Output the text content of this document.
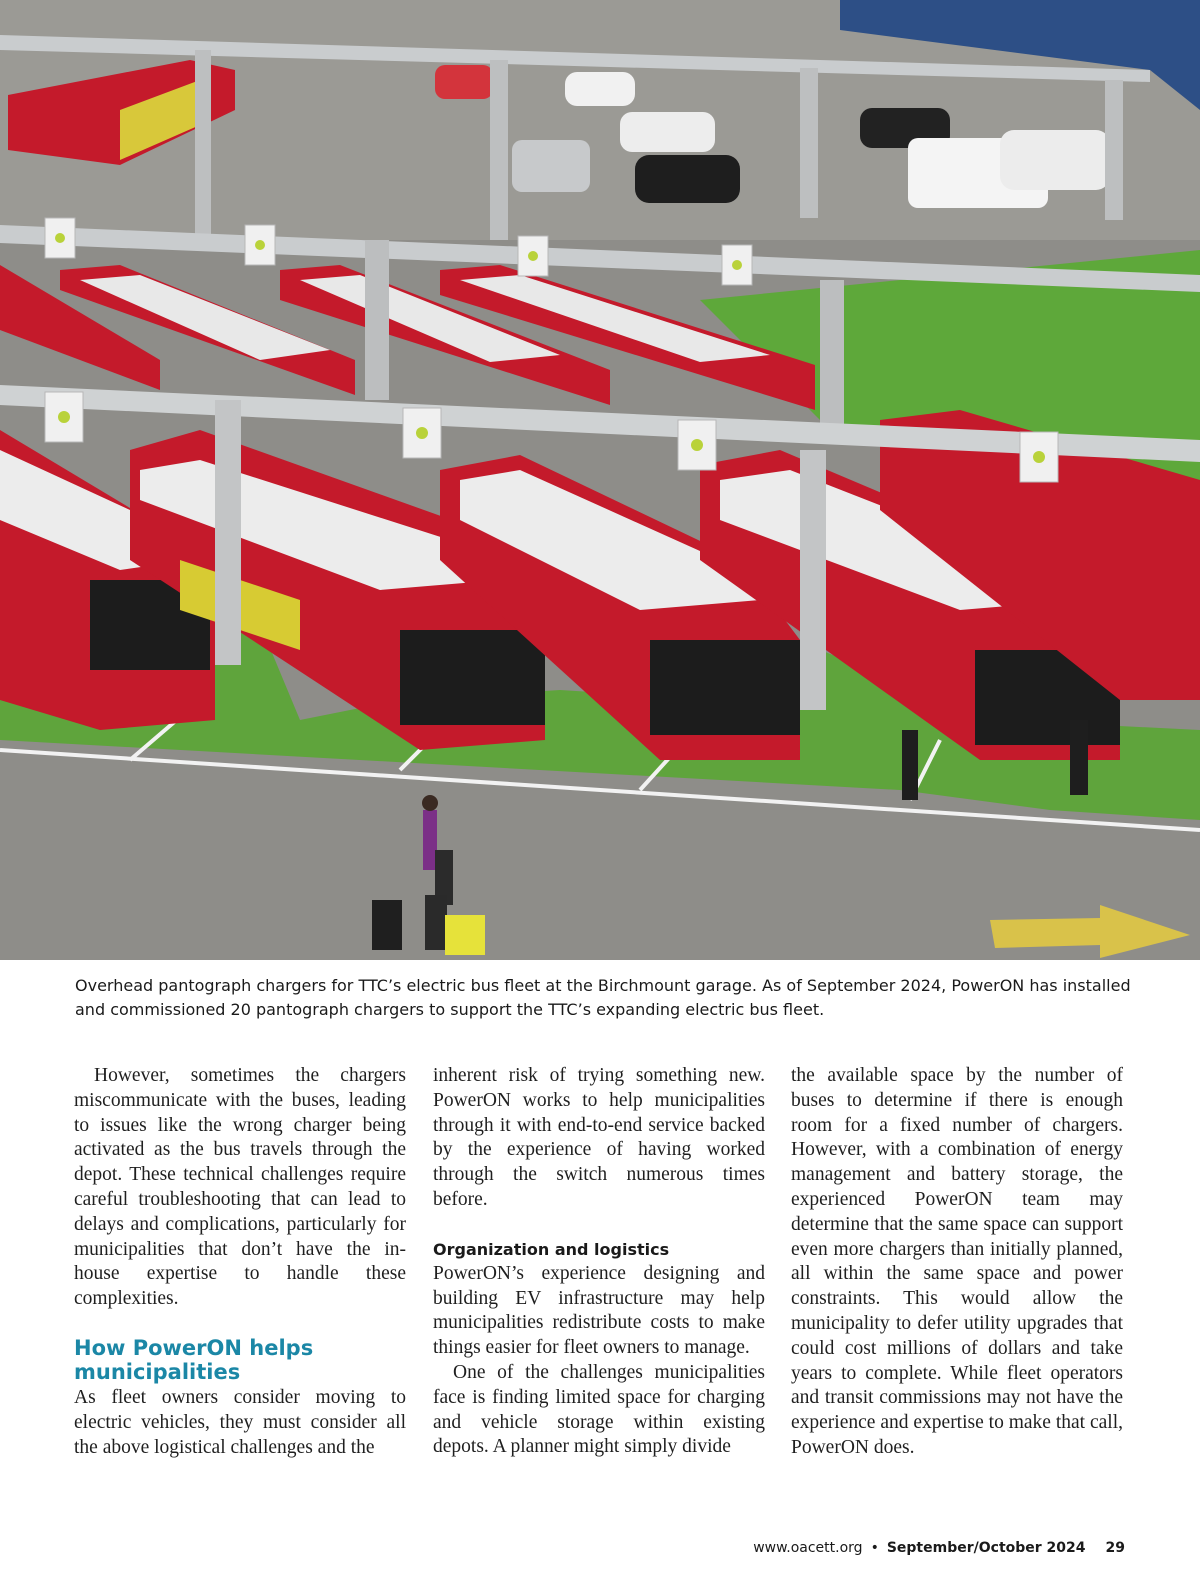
Overhead pantograph chargers for TTC’s electric bus fleet at the Birchmount garage. As of September 2024, PowerON has installed and commissioned 20 pantograph chargers to support the TTC’s expanding electric bus fleet.

However, sometimes the chargers miscommunicate with the buses, leading to issues like the wrong charger being activated as the bus travels through the depot. These technical challenges require careful troubleshooting that can lead to delays and complications, particularly for municipalities that don’t have the in-house expertise to handle these complexities.

How PowerON helps municipalities

As fleet owners consider moving to electric vehicles, they must consider all the above logistical challenges and the

inherent risk of trying something new. PowerON works to help municipalities through it with end-to-end service backed by the experience of having worked through the switch numerous times before.

Organization and logistics

PowerON’s experience designing and building EV infrastructure may help municipalities redistribute costs to make things easier for fleet owners to manage.

One of the challenges municipalities face is finding limited space for charging and vehicle storage within existing depots. A planner might simply divide

the available space by the number of buses to determine if there is enough room for a fixed number of chargers. However, with a combination of energy management and battery storage, the experienced PowerON team may determine that the same space can support even more chargers than initially planned, all within the same space and power constraints. This would allow the municipality to defer utility upgrades that could cost millions of dollars and take years to complete. While fleet operators and transit commissions may not have the experience and expertise to make that call, PowerON does.

www.oacett.org • September/October 2024 29
